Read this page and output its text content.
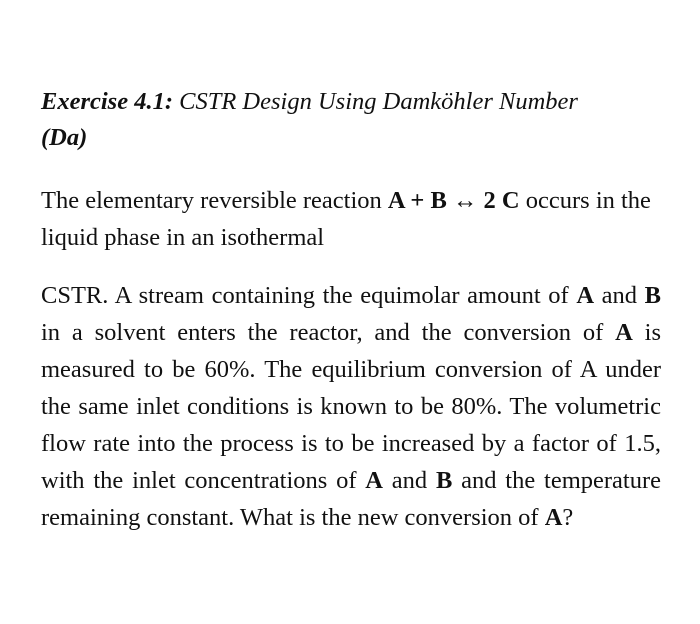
Exercise 4.1: CSTR Design Using Damköhler Number
(Da)

The elementary reversible reaction A + B ↔ 2 C occurs in the liquid phase in an isothermal

CSTR. A stream containing the equimolar amount of A and B in a solvent enters the reactor, and the conversion of A is measured to be 60%. The equilibrium conversion of A under the same inlet conditions is known to be 80%. The volumetric flow rate into the process is to be increased by a factor of 1.5, with the inlet concentrations of A and B and the temperature remaining constant. What is the new conversion of A?
